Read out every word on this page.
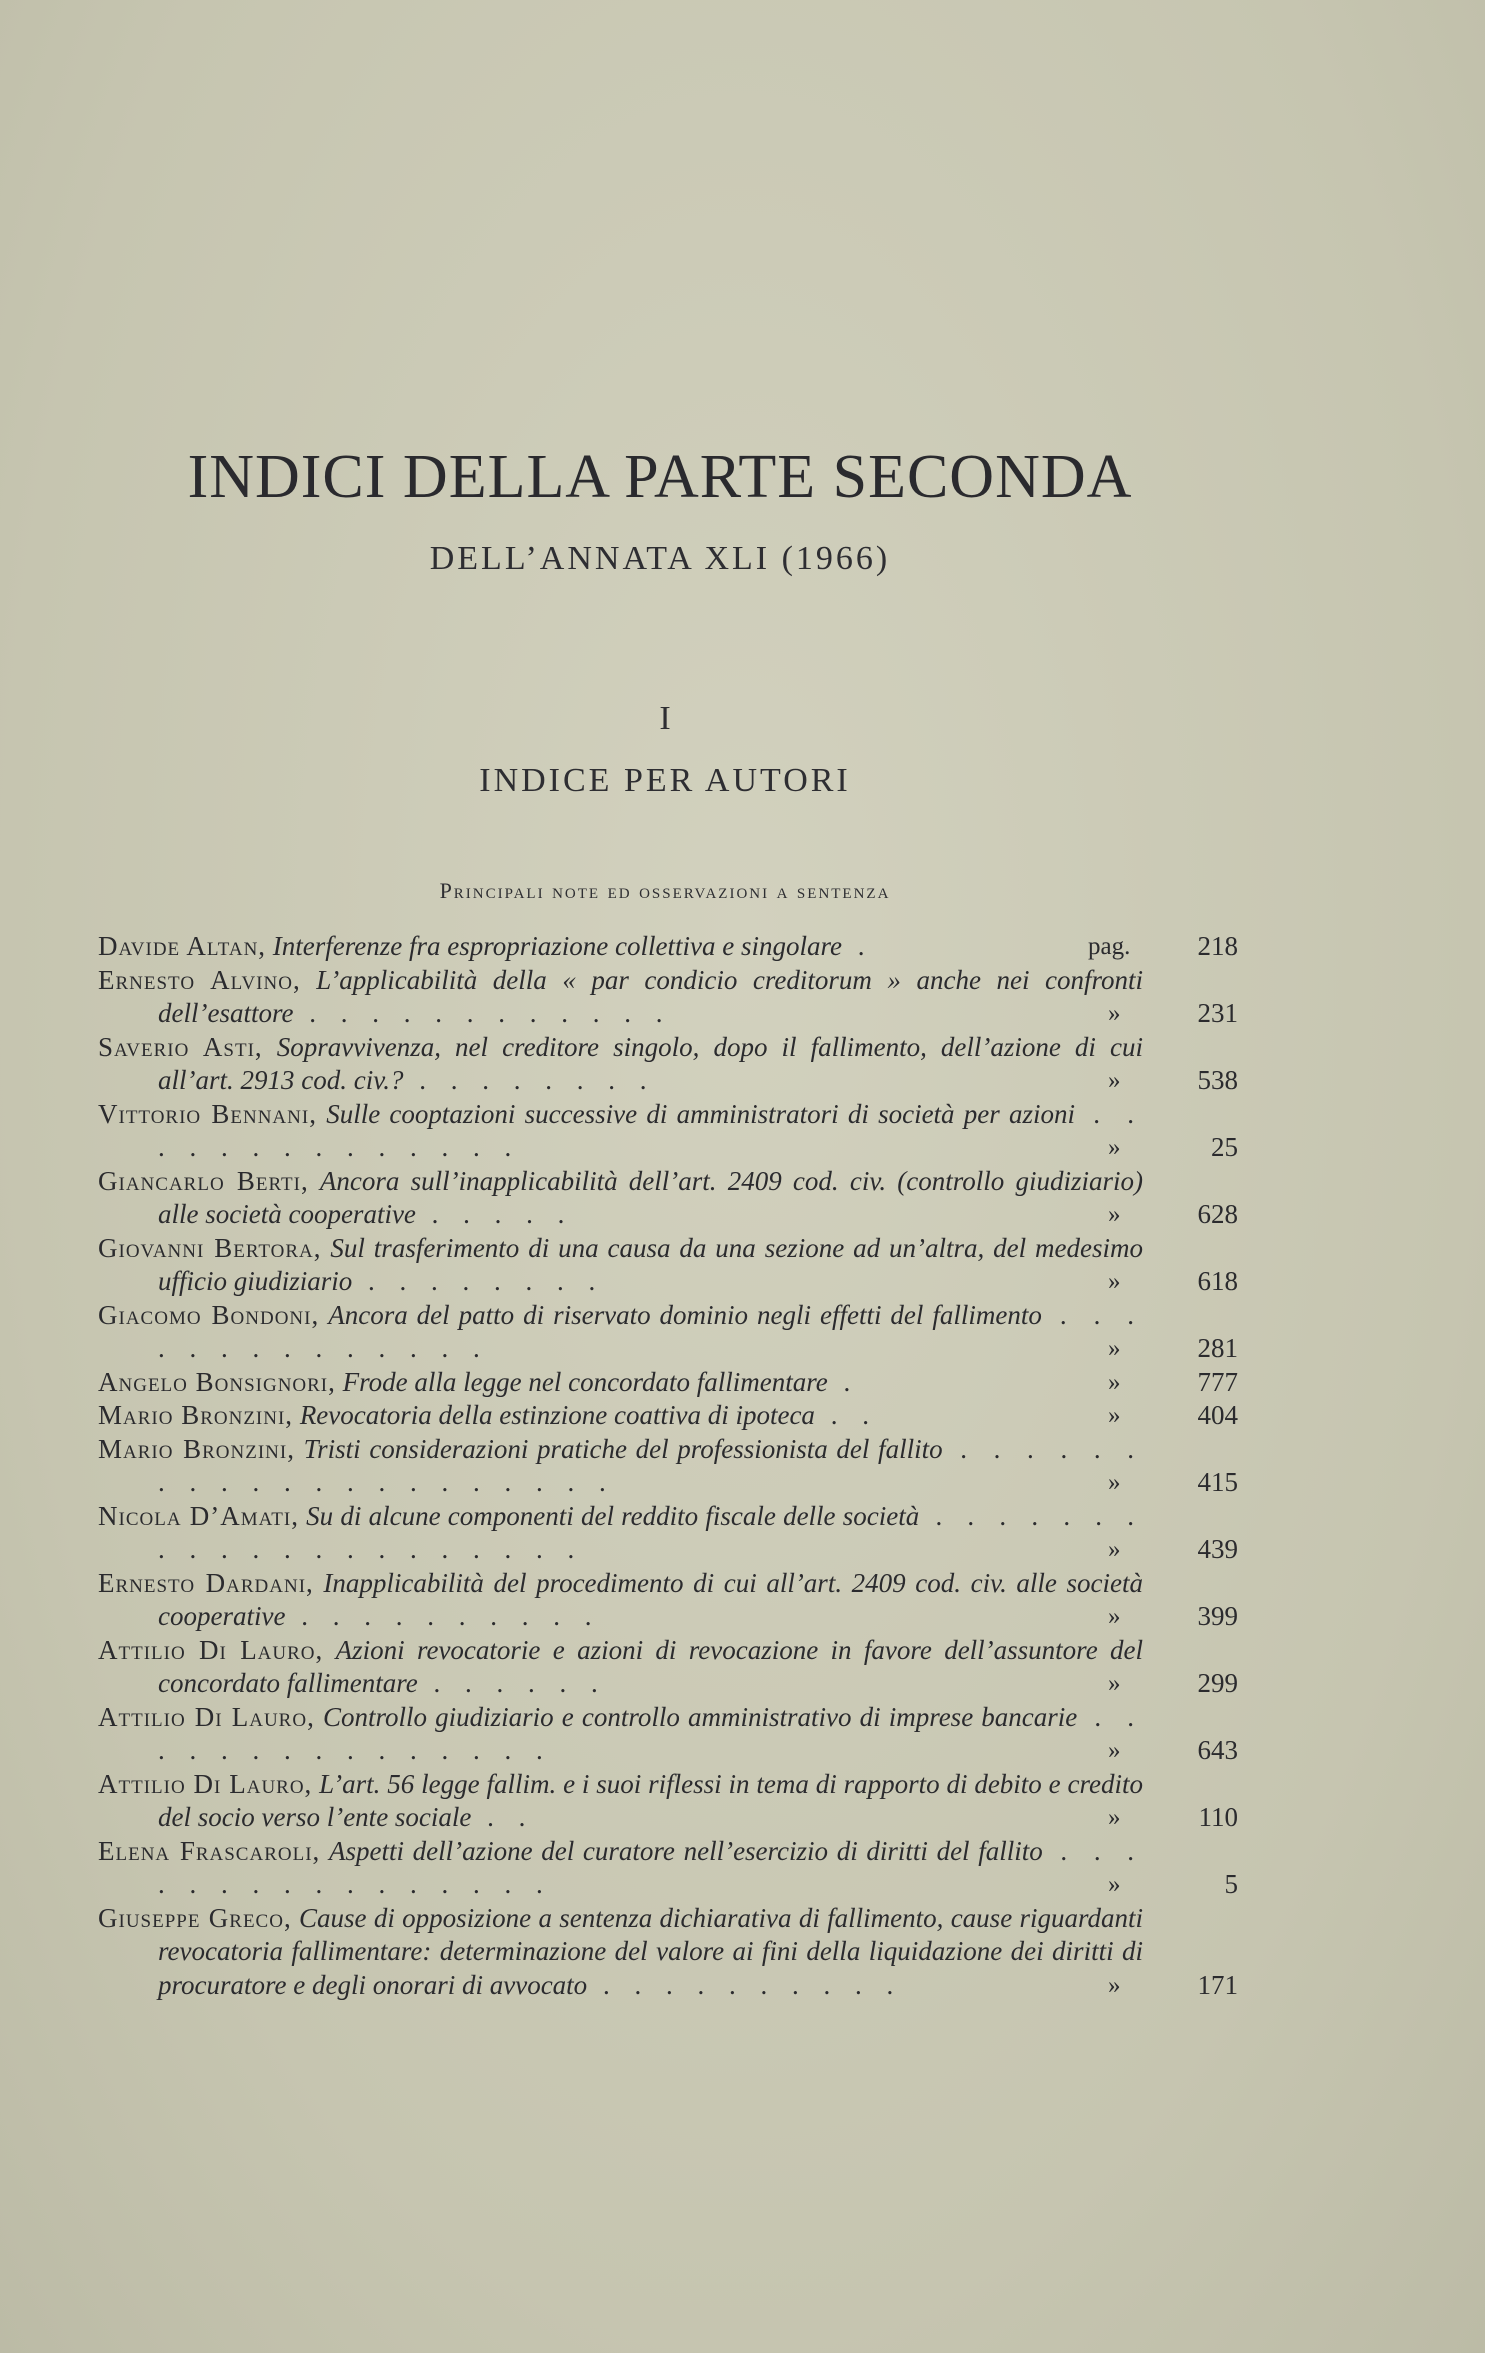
INDICI DELLA PARTE SECONDA
DELL’ANNATA XLI (1966)
I
INDICE PER AUTORI
Principali note ed osservazioni a sentenza
Davide Altan, Interferenze fra espropriazione collettiva e singolare .	pag. 218
Ernesto Alvino, L’applicabilità della « par condicio creditorum » anche nei confronti dell’esattore . . . . . . . . . . . .	»	231
Saverio Asti, Sopravvivenza, nel creditore singolo, dopo il fallimento, dell’azione di cui all’art. 2913 cod. civ.? . . . . . . . .	»	538
Vittorio Bennani, Sulle cooptazioni successive di amministratori di società per azioni . . . . . . . . . . . . . .	»	25
Giancarlo Berti, Ancora sull’inapplicabilità dell’art. 2409 cod. civ. (controllo giudiziario) alle società cooperative . . . . .	»	628
Giovanni Bertora, Sul trasferimento di una causa da una sezione ad un’altra, del medesimo ufficio giudiziario . . . . . . . .	»	618
Giacomo Bondoni, Ancora del patto di riservato dominio negli effetti del fallimento . . . . . . . . . . . . . .	»	281
Angelo Bonsignori, Frode alla legge nel concordato fallimentare .	»	777
Mario Bronzini, Revocatoria della estinzione coattiva di ipoteca . .	»	404
Mario Bronzini, Tristi considerazioni pratiche del professionista del fallito . . . . . . . . . . . . . . . . . . . . .	»	415
Nicola D’Amati, Su di alcune componenti del reddito fiscale delle società . . . . . . . . . . . . . . . . . . . . .	»	439
Ernesto Dardani, Inapplicabilità del procedimento di cui all’art. 2409 cod. civ. alle società cooperative . . . . . . . . . .	»	399
Attilio Di Lauro, Azioni revocatorie e azioni di revocazione in favore dell’assuntore del concordato fallimentare . . . . . .	»	299
Attilio Di Lauro, Controllo giudiziario e controllo amministrativo di imprese bancarie . . . . . . . . . . . . . . .	»	643
Attilio Di Lauro, L’art. 56 legge fallim. e i suoi riflessi in tema di rapporto di debito e credito del socio verso l’ente sociale . .	»	110
Elena Frascaroli, Aspetti dell’azione del curatore nell’esercizio di diritti del fallito . . . . . . . . . . . . . . . .	»	5
Giuseppe Greco, Cause di opposizione a sentenza dichiarativa di fallimento, cause riguardanti revocatoria fallimentare: determinazione del valore ai fini della liquidazione dei diritti di procuratore e degli onorari di avvocato . . . . . . . . . .	»	171
